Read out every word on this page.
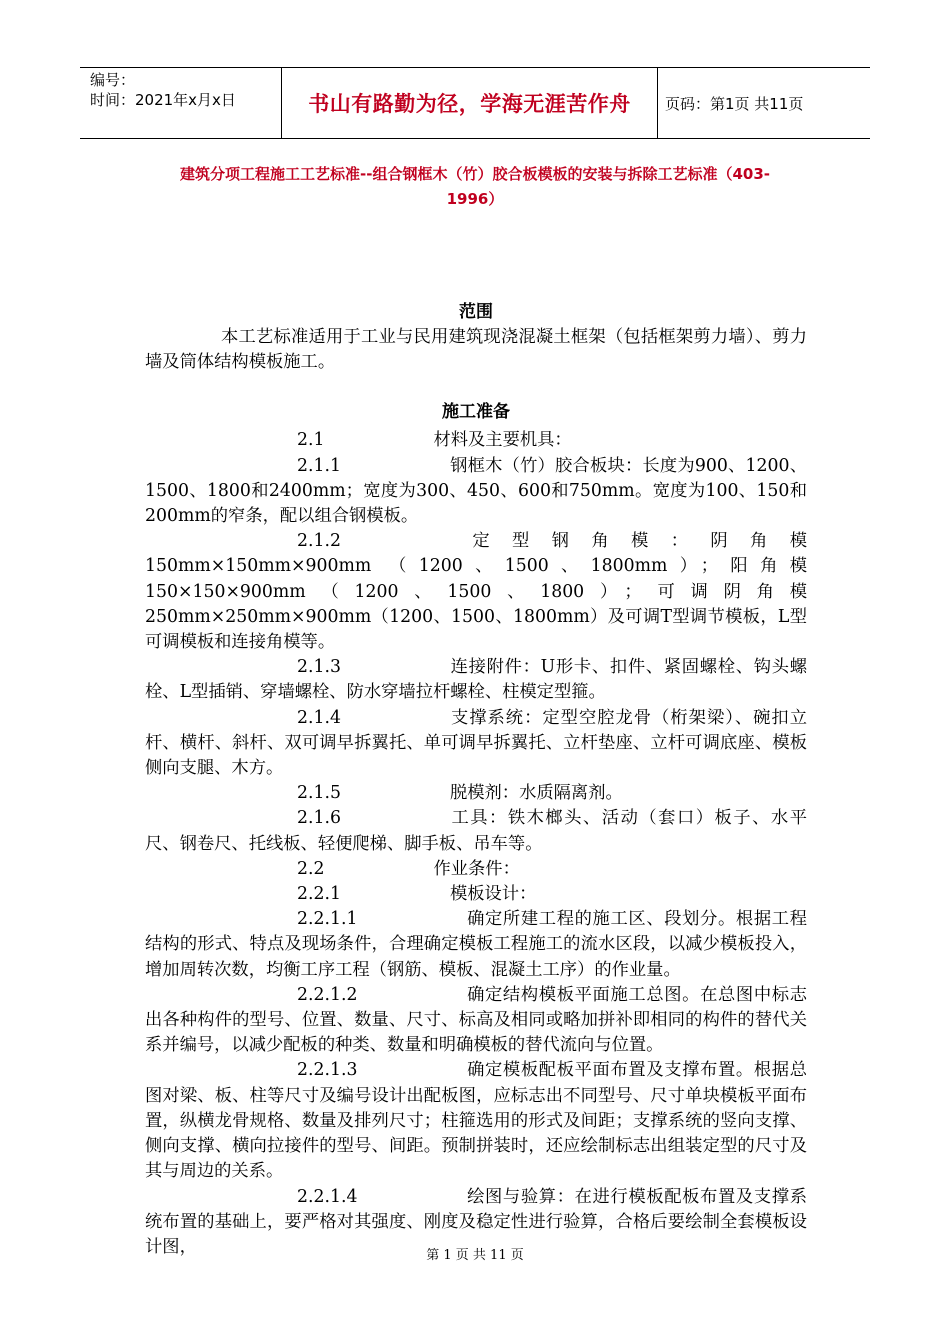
编号：
时间：2021年x月x日	书山有路勤为径，学海无涯苦作舟	页码：第1页 共11页
建筑分项工程施工工艺标准--组合钢框木（竹）胶合板模板的安装与拆除工艺标准（403-
1996）
范围

本工艺标准适用于工业与民用建筑现浇混凝土框架（包括框架剪力墙）、剪力墙及筒体结构模板施工。

施工准备

2.1	材料及主要机具：

2.1.1	钢框木（竹）胶合板块：长度为900、1200、1500、1800和2400mm；宽度为300、450、600和750mm。宽度为100、150和200mm的窄条，配以组合钢模板。

2.1.2	定型钢角模：阴角模150mm×150mm×900mm （1200、1500、1800mm）；阳角模150×150×900mm（1200、1500、1800）；可调阴角模250mm×250mm×900mm（1200、1500、1800mm）及可调T型调节模板，L型可调模板和连接角模等。

2.1.3	连接附件：U形卡、扣件、紧固螺栓、钩头螺栓、L型插销、穿墙螺栓、防水穿墙拉杆螺栓、柱模定型箍。

2.1.4	支撑系统：定型空腔龙骨（桁架梁）、碗扣立杆、横杆、斜杆、双可调早拆翼托、单可调早拆翼托、立杆垫座、立杆可调底座、模板侧向支腿、木方。

2.1.5	脱模剂：水质隔离剂。

2.1.6	工具：铁木榔头、活动（套口）板子、水平尺、钢卷尺、托线板、轻便爬梯、脚手板、吊车等。

2.2	作业条件：

2.2.1	模板设计：

2.2.1.1	确定所建工程的施工区、段划分。根据工程结构的形式、特点及现场条件，合理确定模板工程施工的流水区段，以减少模板投入，增加周转次数，均衡工序工程（钢筋、模板、混凝土工序）的作业量。

2.2.1.2	确定结构模板平面施工总图。在总图中标志出各种构件的型号、位置、数量、尺寸、标高及相同或略加拼补即相同的构件的替代关系并编号，以减少配板的种类、数量和明确模板的替代流向与位置。

2.2.1.3	确定模板配板平面布置及支撑布置。根据总图对梁、板、柱等尺寸及编号设计出配板图，应标志出不同型号、尺寸单块模板平面布置，纵横龙骨规格、数量及排列尺寸；柱箍选用的形式及间距；支撑系统的竖向支撑、侧向支撑、横向拉接件的型号、间距。预制拼装时，还应绘制标志出组装定型的尺寸及其与周边的关系。

2.2.1.4	绘图与验算：在进行模板配板布置及支撑系统布置的基础上，要严格对其强度、刚度及稳定性进行验算，合格后要绘制全套模板设计图，	第 1 页 共 11 页
